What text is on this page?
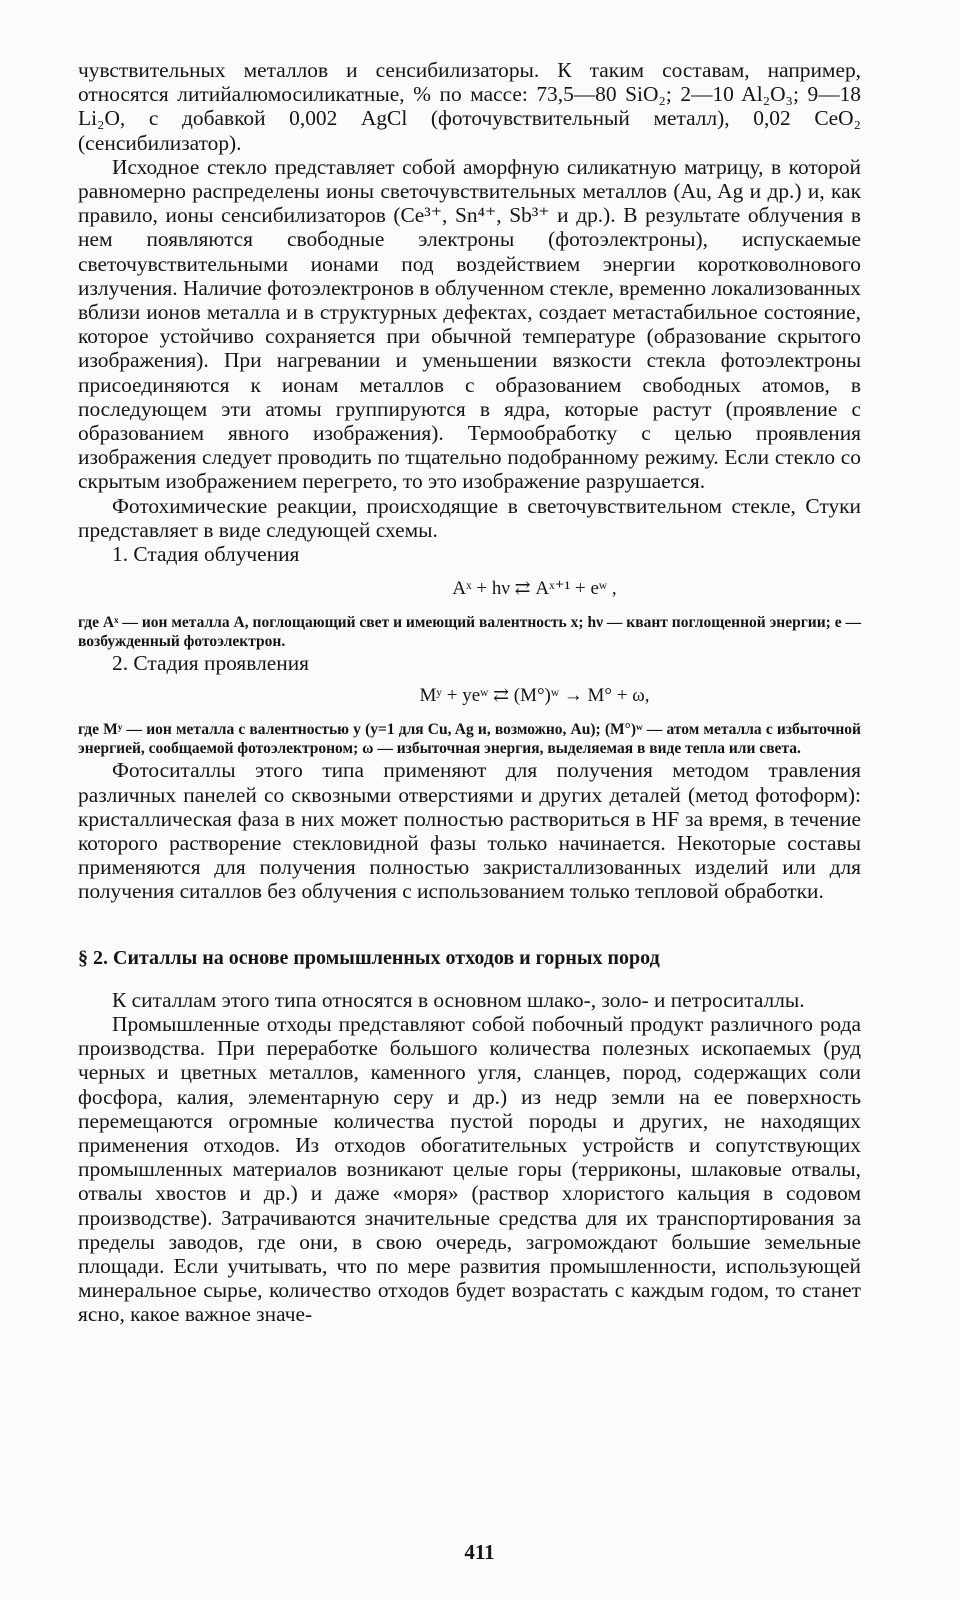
чувствительных металлов и сенсибилизаторы. К таким составам, например, относятся литийалюмосиликатные, % по массе: 73,5—80 SiO₂; 2—10 Al₂O₃; 9—18 Li₂O, с добавкой 0,002 AgCl (фоточувствительный металл), 0,02 CeO₂ (сенсибилизатор).

Исходное стекло представляет собой аморфную силикатную матрицу, в которой равномерно распределены ионы светочувствительных металлов (Au, Ag и др.) и, как правило, ионы сенсибилизаторов (Ce³⁺, Sn⁴⁺, Sb³⁺ и др.). В результате облучения в нем появляются свободные электроны (фотоэлектроны), испускаемые светочувствительными ионами под воздействием энергии коротковолнового излучения. Наличие фотоэлектронов в облученном стекле, временно локализованных вблизи ионов металла и в структурных дефектах, создает метастабильное состояние, которое устойчиво сохраняется при обычной температуре (образование скрытого изображения). При нагревании и уменьшении вязкости стекла фотоэлектроны присоединяются к ионам металлов с образованием свободных атомов, в последующем эти атомы группируются в ядра, которые растут (проявление с образованием явного изображения). Термообработку с целью проявления изображения следует проводить по тщательно подобранному режиму. Если стекло со скрытым изображением перегрето, то это изображение разрушается.

Фотохимические реакции, происходящие в светочувствительном стекле, Стуки представляет в виде следующей схемы.

1. Стадия облучения

Aˣ + hν ⇄ Aˣ⁺¹ + eʷ ,

где Aˣ — ион металла A, поглощающий свет и имеющий валентность x; hν — квант поглощенной энергии; e — возбужденный фотоэлектрон.

2. Стадия проявления

Mʸ + yeʷ ⇄ (M°)ʷ → M° + ω,

где Mʸ — ион металла с валентностью y (y=1 для Cu, Ag и, возможно, Au); (M°)ʷ — атом металла с избыточной энергией, сообщаемой фотоэлектроном; ω — избыточная энергия, выделяемая в виде тепла или света.

Фотоситаллы этого типа применяют для получения методом травления различных панелей со сквозными отверстиями и других деталей (метод фотоформ): кристаллическая фаза в них может полностью раствориться в HF за время, в течение которого растворение стекловидной фазы только начинается. Некоторые составы применяются для получения полностью закристаллизованных изделий или для получения ситаллов без облучения с использованием только тепловой обработки.

§ 2. Ситаллы на основе промышленных отходов и горных пород

К ситаллам этого типа относятся в основном шлако-, золо- и петроситаллы.

Промышленные отходы представляют собой побочный продукт различного рода производства. При переработке большого количества полезных ископаемых (руд черных и цветных металлов, каменного угля, сланцев, пород, содержащих соли фосфора, калия, элементарную серу и др.) из недр земли на ее поверхность перемещаются огромные количества пустой породы и других, не находящих применения отходов. Из отходов обогатительных устройств и сопутствующих промышленных материалов возникают целые горы (терриконы, шлаковые отвалы, отвалы хвостов и др.) и даже «моря» (раствор хлористого кальция в содовом производстве). Затрачиваются значительные средства для их транспортирования за пределы заводов, где они, в свою очередь, загромождают большие земельные площади. Если учитывать, что по мере развития промышленности, использующей минеральное сырье, количество отходов будет возрастать с каждым годом, то станет ясно, какое важное значе-

411
